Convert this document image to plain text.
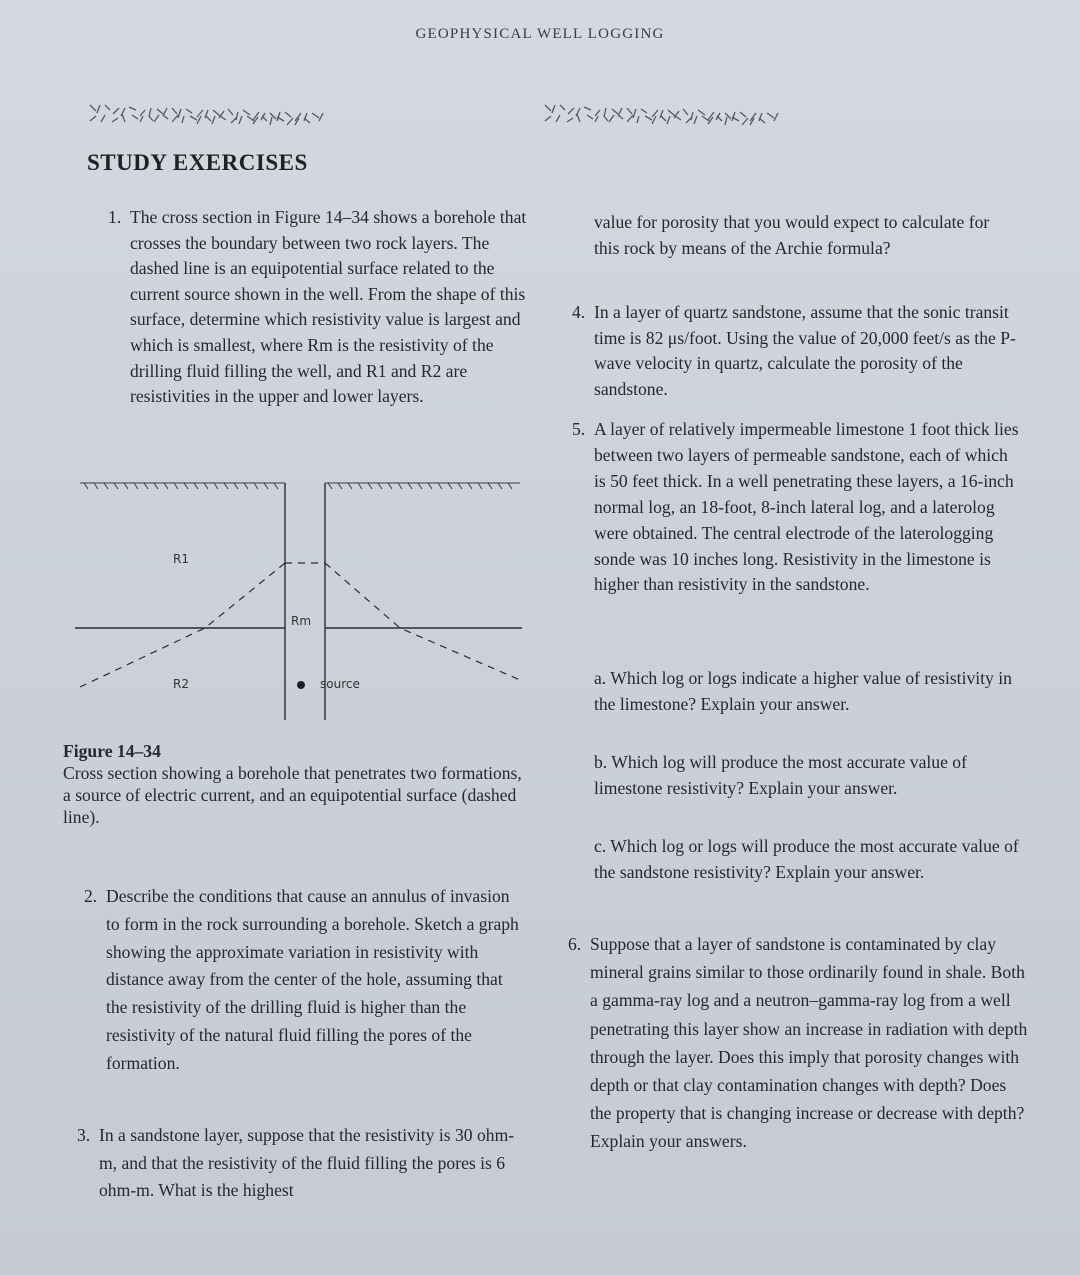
GEOPHYSICAL WELL LOGGING
STUDY EXERCISES

1. The cross section in Figure 14–34 shows a borehole that crosses the boundary between two rock layers. The dashed line is an equipotential surface related to the current source shown in the well. From the shape of this surface, determine which resistivity value is largest and which is smallest, where Rm is the resistivity of the drilling fluid filling the well, and R1 and R2 are resistivities in the upper and lower layers.

R1
Rm
R2	source
Figure 14–34
Cross section showing a borehole that penetrates two formations, a source of electric current, and an equipotential surface (dashed line).

2. Describe the conditions that cause an annulus of invasion to form in the rock surrounding a borehole. Sketch a graph showing the approximate variation in resistivity with distance away from the center of the hole, assuming that the resistivity of the drilling fluid is higher than the resistivity of the natural fluid filling the pores of the formation.

3. In a sandstone layer, suppose that the resistivity is 30 ohm-m, and that the resistivity of the fluid filling the pores is 6 ohm-m. What is the highest

value for porosity that you would expect to calculate for this rock by means of the Archie formula?

4. In a layer of quartz sandstone, assume that the sonic transit time is 82 μs/foot. Using the value of 20,000 feet/s as the P-wave velocity in quartz, calculate the porosity of the sandstone.

5. A layer of relatively impermeable limestone 1 foot thick lies between two layers of permeable sandstone, each of which is 50 feet thick. In a well penetrating these layers, a 16-inch normal log, an 18-foot, 8-inch lateral log, and a laterolog were obtained. The central electrode of the laterologging sonde was 10 inches long. Resistivity in the limestone is higher than resistivity in the sandstone.

a. Which log or logs indicate a higher value of resistivity in the limestone? Explain your answer.

b. Which log will produce the most accurate value of limestone resistivity? Explain your answer.

c. Which log or logs will produce the most accurate value of the sandstone resistivity? Explain your answer.

6. Suppose that a layer of sandstone is contaminated by clay mineral grains similar to those ordinarily found in shale. Both a gamma-ray log and a neutron–gamma-ray log from a well penetrating this layer show an increase in radiation with depth through the layer. Does this imply that porosity changes with depth or that clay contamination changes with depth? Does the property that is changing increase or decrease with depth? Explain your answers.
